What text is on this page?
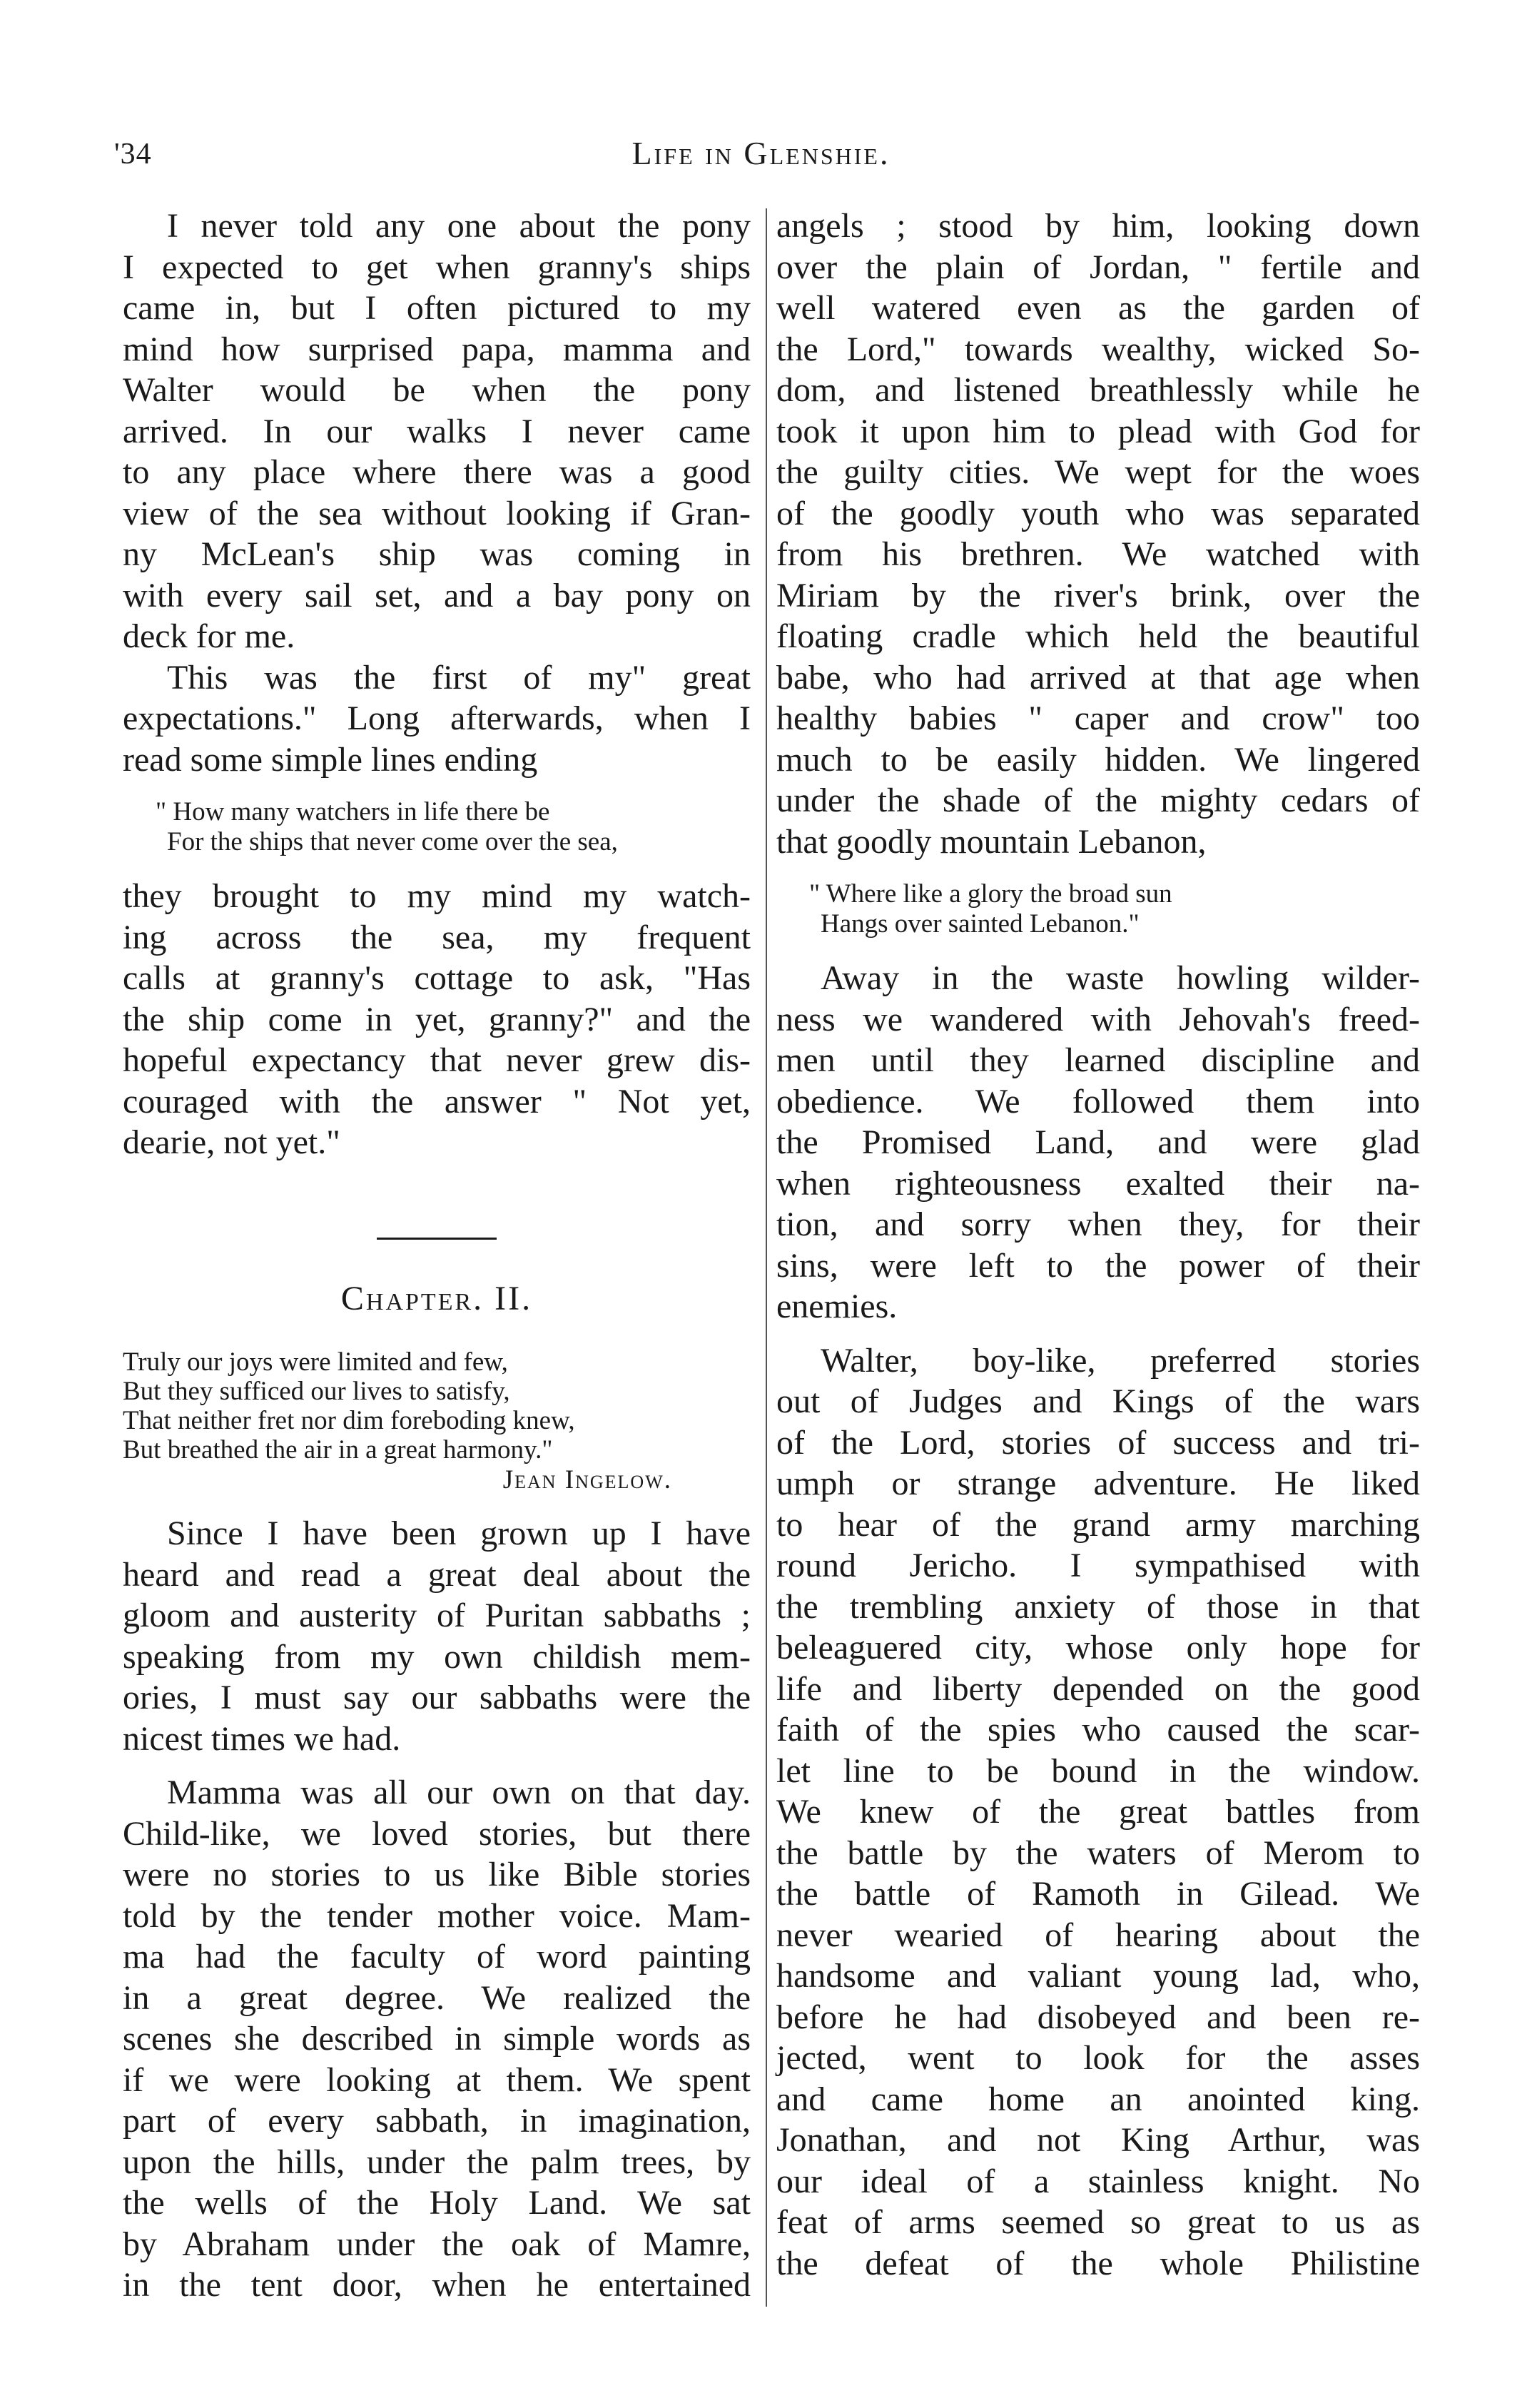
'34	Life in Glenshie.
I never told any one about the pony
I expected to get when granny's ships
came in, but I often pictured to my
mind how surprised papa, mamma and
Walter would be when the pony
arrived. In our walks I never came
to any place where there was a good
view of the sea without looking if Gran-
ny McLean's ship was coming in
with every sail set, and a bay pony on
deck for me.
This was the first of my" great
expectations." Long afterwards, when I
read some simple lines ending
" How many watchers in life there be
For the ships that never come over the sea,
they brought to my mind my watch-
ing across the sea, my frequent
calls at granny's cottage to ask, "Has
the ship come in yet, granny?" and the
hopeful expectancy that never grew dis-
couraged with the answer " Not yet,
dearie, not yet."
Chapter. II.
Truly our joys were limited and few,
But they sufficed our lives to satisfy,
That neither fret nor dim foreboding knew,
But breathed the air in a great harmony."
Jean Ingelow.
Since I have been grown up I have
heard and read a great deal about the
gloom and austerity of Puritan sabbaths ;
speaking from my own childish mem-
ories, I must say our sabbaths were the
nicest times we had.
Mamma was all our own on that day.
Child-like, we loved stories, but there
were no stories to us like Bible stories
told by the tender mother voice. Mam-
ma had the faculty of word painting
in a great degree. We realized the
scenes she described in simple words as
if we were looking at them. We spent
part of every sabbath, in imagination,
upon the hills, under the palm trees, by
the wells of the Holy Land. We sat
by Abraham under the oak of Mamre,
in the tent door, when he entertained
angels ; stood by him, looking down
over the plain of Jordan, " fertile and
well watered even as the garden of
the Lord," towards wealthy, wicked So-
dom, and listened breathlessly while he
took it upon him to plead with God for
the guilty cities. We wept for the woes
of the goodly youth who was separated
from his brethren. We watched with
Miriam by the river's brink, over the
floating cradle which held the beautiful
babe, who had arrived at that age when
healthy babies " caper and crow" too
much to be easily hidden. We lingered
under the shade of the mighty cedars of
that goodly mountain Lebanon,
" Where like a glory the broad sun
Hangs over sainted Lebanon."
Away in the waste howling wilder-
ness we wandered with Jehovah's freed-
men until they learned discipline and
obedience. We followed them into
the Promised Land, and were glad
when righteousness exalted their na-
tion, and sorry when they, for their
sins, were left to the power of their
enemies.
Walter, boy-like, preferred stories
out of Judges and Kings of the wars
of the Lord, stories of success and tri-
umph or strange adventure. He liked
to hear of the grand army marching
round Jericho. I sympathised with
the trembling anxiety of those in that
beleaguered city, whose only hope for
life and liberty depended on the good
faith of the spies who caused the scar-
let line to be bound in the window.
We knew of the great battles from
the battle by the waters of Merom to
the battle of Ramoth in Gilead. We
never wearied of hearing about the
handsome and valiant young lad, who,
before he had disobeyed and been re-
jected, went to look for the asses
and came home an anointed king.
Jonathan, and not King Arthur, was
our ideal of a stainless knight. No
feat of arms seemed so great to us as
the defeat of the whole Philistine
